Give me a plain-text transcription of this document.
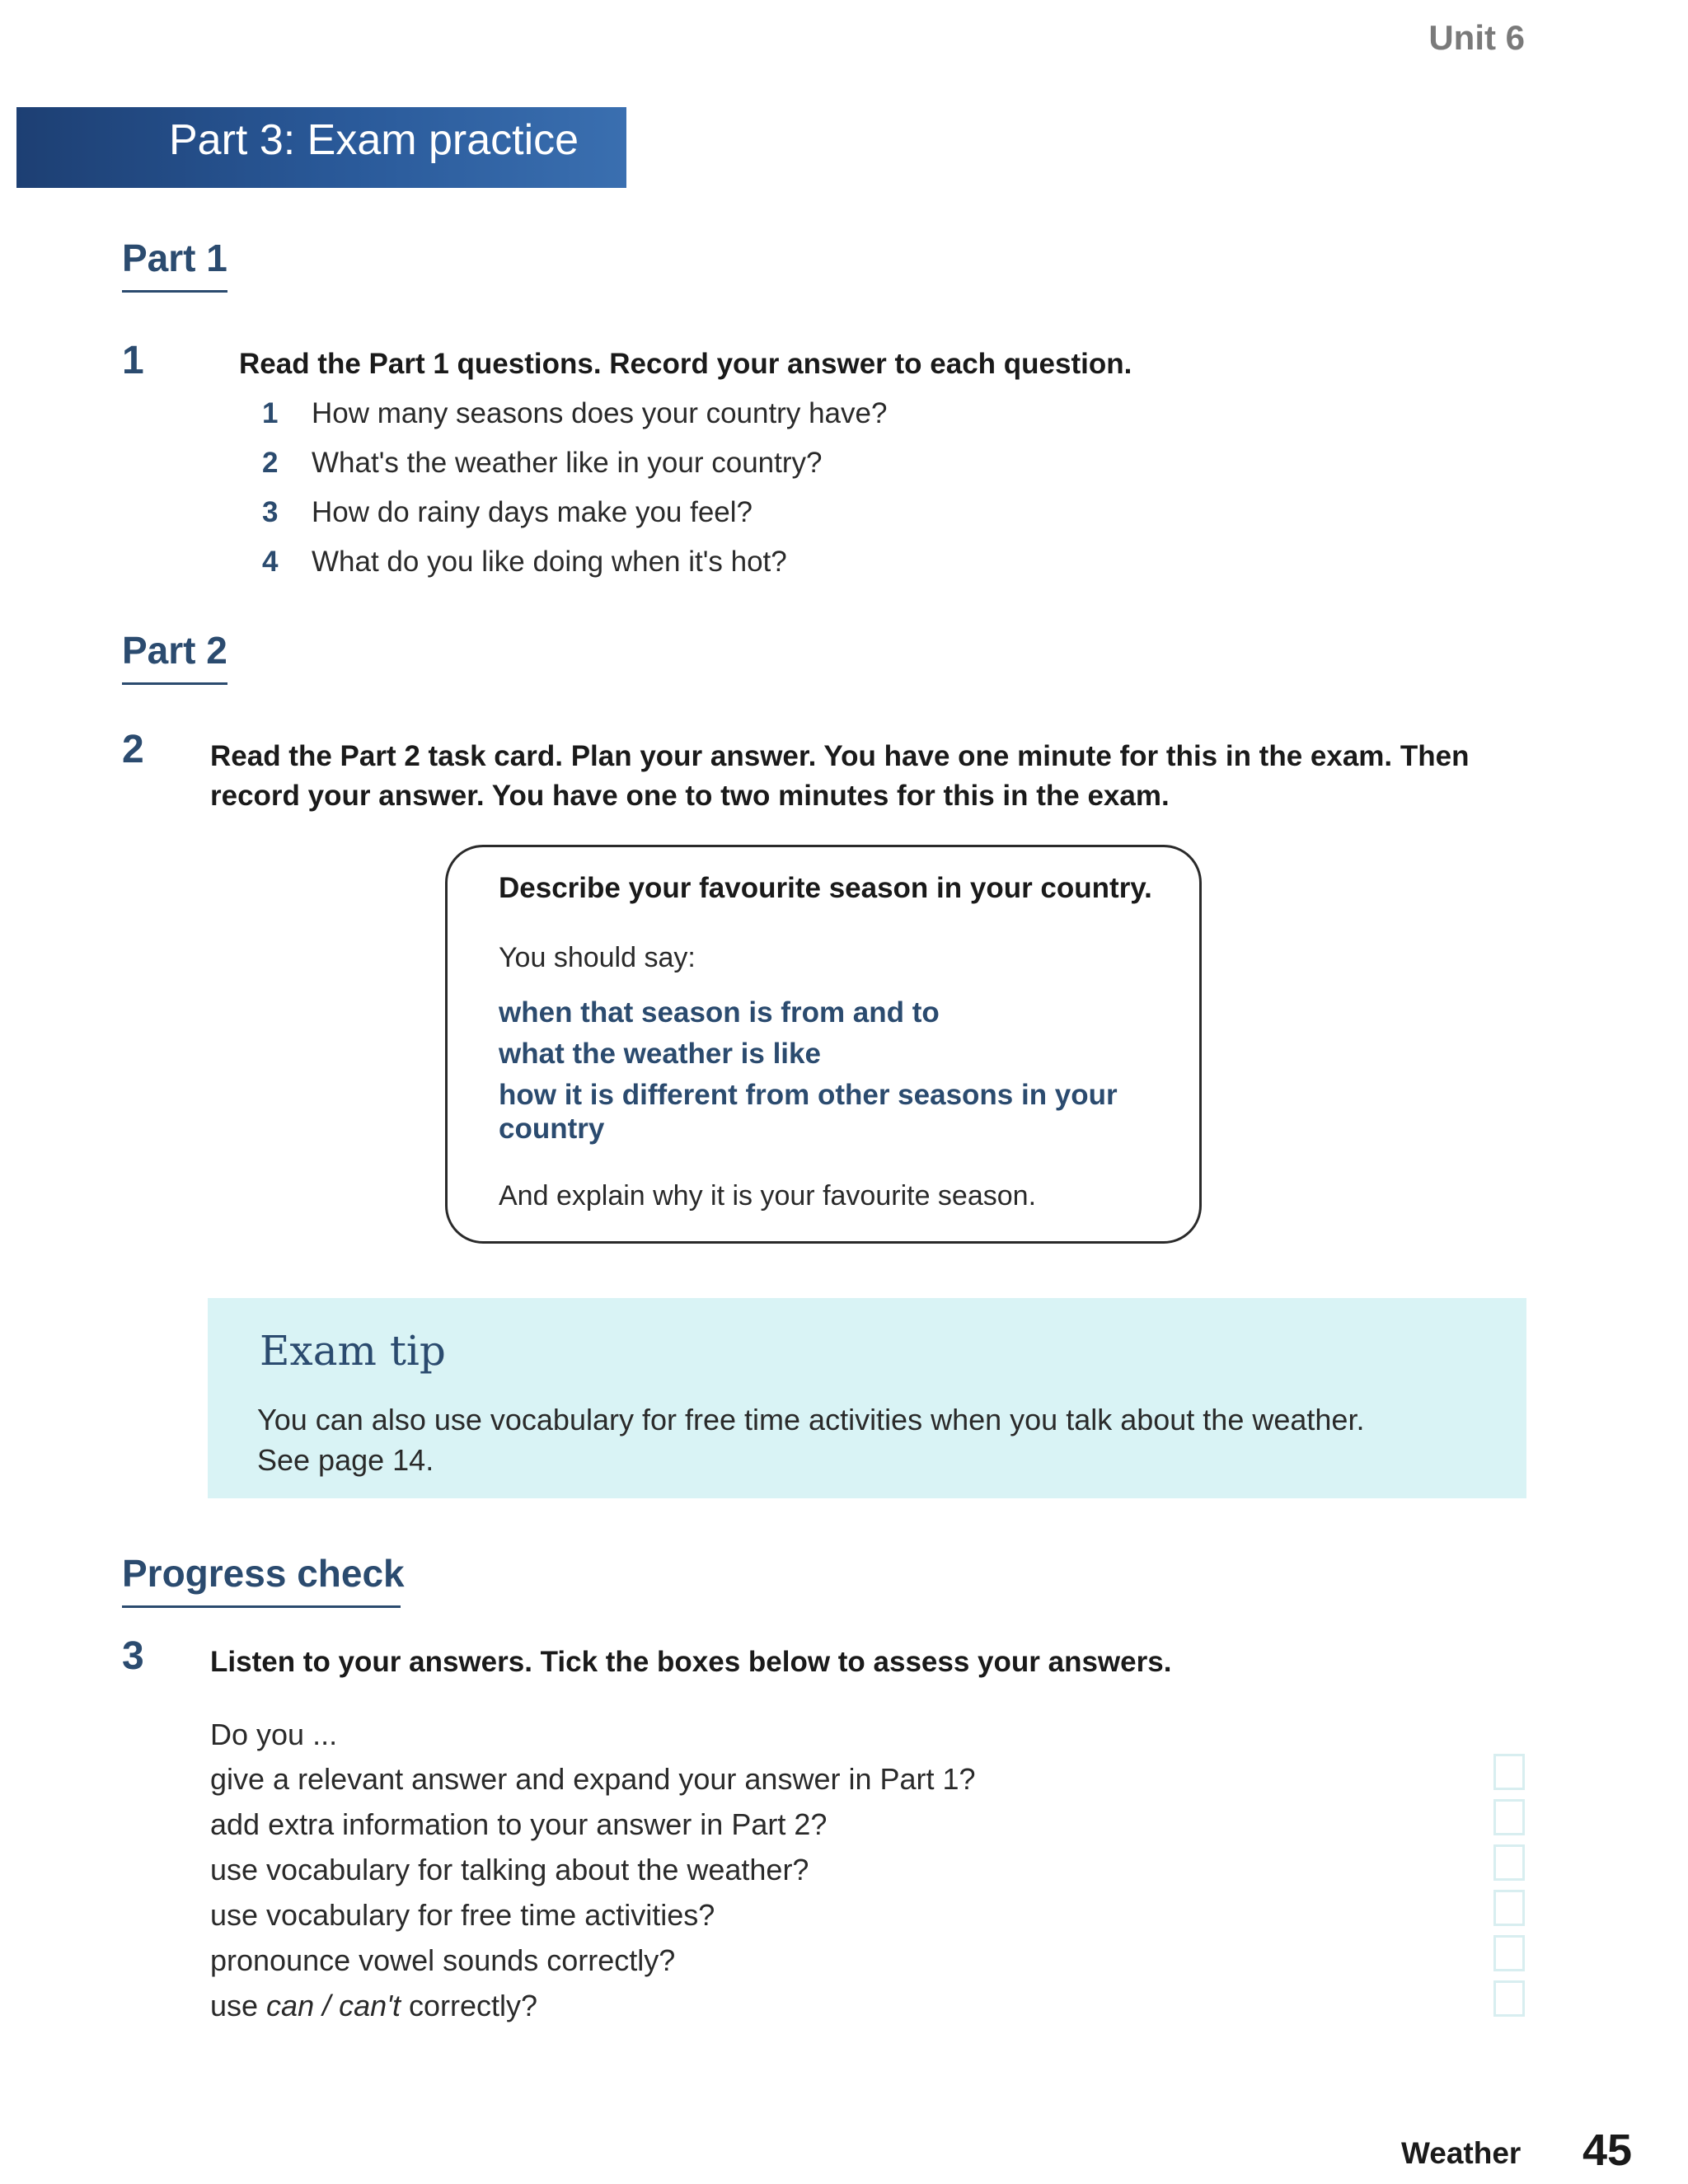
Unit 6
Part 3: Exam practice
Part 1
1	Read the Part 1 questions. Record your answer to each question.
1 How many seasons does your country have?
2 What's the weather like in your country?
3 How do rainy days make you feel?
4 What do you like doing when it's hot?
Part 2
2 Read the Part 2 task card. Plan your answer. You have one minute for this in the exam. Then
record your answer. You have one to two minutes for this in the exam.
Describe your favourite season in your country.
You should say:
when that season is from and to
what the weather is like
how it is different from other seasons in your
country
And explain why it is your favourite season.
Exam tip
You can also use vocabulary for free time activities when you talk about the weather.
See page 14.
Progress check
3 Listen to your answers. Tick the boxes below to assess your answers.
Do you ...
give a relevant answer and expand your answer in Part 1?
add extra information to your answer in Part 2?
use vocabulary for talking about the weather?
use vocabulary for free time activities?
pronounce vowel sounds correctly?
use can / can't correctly?
Weather 45
